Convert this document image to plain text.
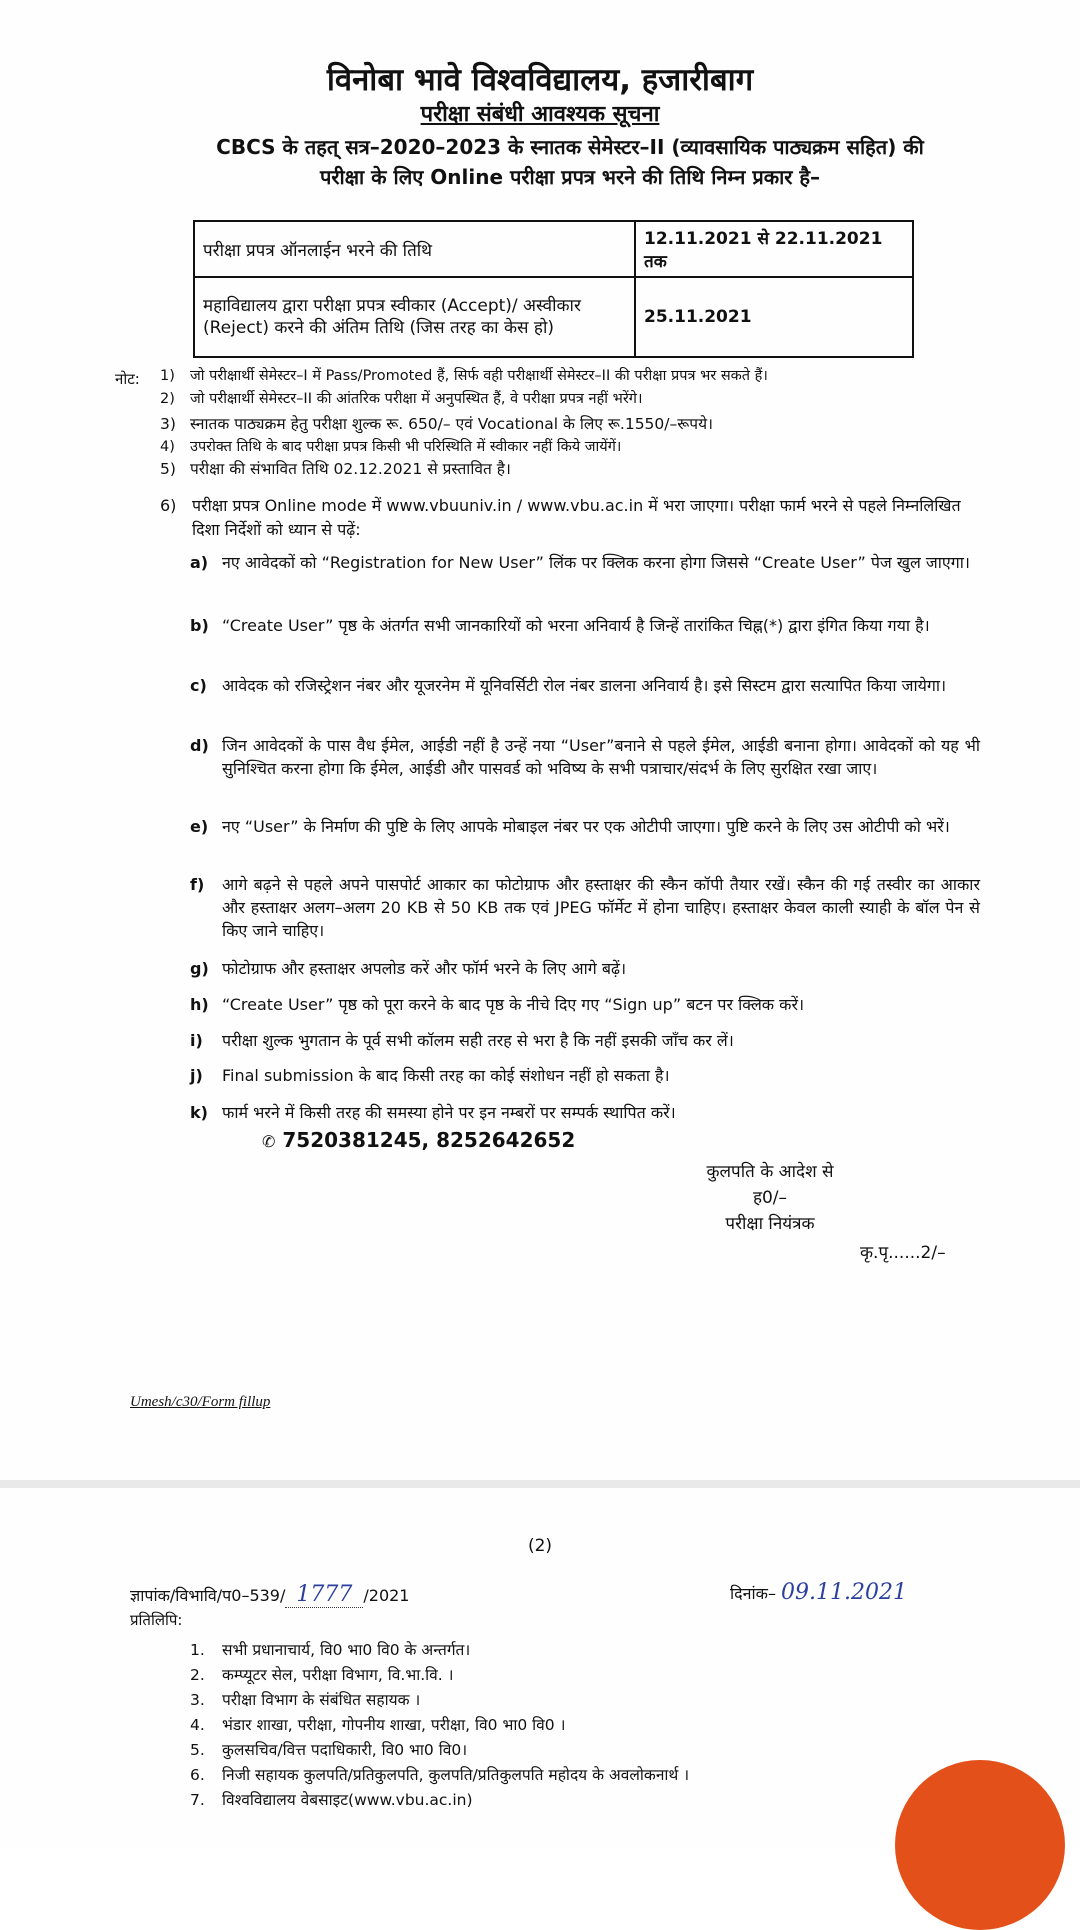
विनोबा भावे विश्वविद्यालय, हजारीबाग
परीक्षा संबंधी आवश्यक सूचना
CBCS के तहत् सत्र–2020–2023 के स्नातक सेमेस्टर–II (व्यावसायिक पाठ्यक्रम सहित) की
परीक्षा के लिए Online परीक्षा प्रपत्र भरने की तिथि निम्न प्रकार है–
परीक्षा प्रपत्र ऑनलाईन भरने की तिथि	12.11.2021 से 22.11.2021 तक
महाविद्यालय द्वारा परीक्षा प्रपत्र स्वीकार (Accept)/ अस्वीकार (Reject) करने की अंतिम तिथि (जिस तरह का केस हो)	25.11.2021
नोट: 1) जो परीक्षार्थी सेमेस्टर–I में Pass/Promoted हैं, सिर्फ वही परीक्षार्थी सेमेस्टर–II की परीक्षा प्रपत्र भर सकते हैं।
2) जो परीक्षार्थी सेमेस्टर–II की आंतरिक परीक्षा में अनुपस्थित हैं, वे परीक्षा प्रपत्र नहीं भरेंगे।
3) स्नातक पाठ्यक्रम हेतु परीक्षा शुल्क रू. 650/– एवं Vocational के लिए रू.1550/–रूपये।
4) उपरोक्त तिथि के बाद परीक्षा प्रपत्र किसी भी परिस्थिति में स्वीकार नहीं किये जायेंगें।
5) परीक्षा की संभावित तिथि 02.12.2021 से प्रस्तावित है।
6) परीक्षा प्रपत्र Online mode में www.vbuuniv.in / www.vbu.ac.in में भरा जाएगा। परीक्षा फार्म भरने से पहले निम्नलिखित दिशा निर्देशों को ध्यान से पढ़ें:
a) नए आवेदकों को “Registration for New User” लिंक पर क्लिक करना होगा जिससे “Create User” पेज खुल जाएगा।
b) “Create User” पृष्ठ के अंतर्गत सभी जानकारियों को भरना अनिवार्य है जिन्हें तारांकित चिह्न(*) द्वारा इंगित किया गया है।
c) आवेदक को रजिस्ट्रेशन नंबर और यूजरनेम में यूनिवर्सिटी रोल नंबर डालना अनिवार्य है। इसे सिस्टम द्वारा सत्यापित किया जायेगा।
d) जिन आवेदकों के पास वैध ईमेल, आईडी नहीं है उन्हें नया “User”बनाने से पहले ईमेल, आईडी बनाना होगा। आवेदकों को यह भी सुनिश्चित करना होगा कि ईमेल, आईडी और पासवर्ड को भविष्य के सभी पत्राचार/संदर्भ के लिए सुरक्षित रखा जाए।
e) नए “User” के निर्माण की पुष्टि के लिए आपके मोबाइल नंबर पर एक ओटीपी जाएगा। पुष्टि करने के लिए उस ओटीपी को भरें।
f) आगे बढ़ने से पहले अपने पासपोर्ट आकार का फोटोग्राफ और हस्ताक्षर की स्कैन कॉपी तैयार रखें। स्कैन की गई तस्वीर का आकार और हस्ताक्षर अलग–अलग 20 KB से 50 KB तक एवं JPEG फॉर्मेट में होना चाहिए। हस्ताक्षर केवल काली स्याही के बॉल पेन से किए जाने चाहिए।
g) फोटोग्राफ और हस्ताक्षर अपलोड करें और फॉर्म भरने के लिए आगे बढ़ें।
h) “Create User” पृष्ठ को पूरा करने के बाद पृष्ठ के नीचे दिए गए “Sign up” बटन पर क्लिक करें।
i) परीक्षा शुल्क भुगतान के पूर्व सभी कॉलम सही तरह से भरा है कि नहीं इसकी जाँच कर लें।
j) Final submission के बाद किसी तरह का कोई संशोधन नहीं हो सकता है।
k) फार्म भरने में किसी तरह की समस्या होने पर इन नम्बरों पर सम्पर्क स्थापित करें।
✆ 7520381245, 8252642652
कुलपति के आदेश से
ह0/–
परीक्षा नियंत्रक
कृ.पृ......2/–
Umesh/c30/Form fillup
(2)
ज्ञापांक/विभावि/प0–539/ 1777 /2021	दिनांक– 09.11.2021
प्रतिलिपि:
1. सभी प्रधानाचार्य, वि0 भा0 वि0 के अन्तर्गत।
2. कम्प्यूटर सेल, परीक्षा विभाग, वि.भा.वि. ।
3. परीक्षा विभाग के संबंधित सहायक ।
4. भंडार शाखा, परीक्षा, गोपनीय शाखा, परीक्षा, वि0 भा0 वि0 ।
5. कुलसचिव/वित्त पदाधिकारी, वि0 भा0 वि0।
6. निजी सहायक कुलपति/प्रतिकुलपति, कुलपति/प्रतिकुलपति महोदय के अवलोकनार्थ ।
7. विश्वविद्यालय वेबसाइट(www.vbu.ac.in)
